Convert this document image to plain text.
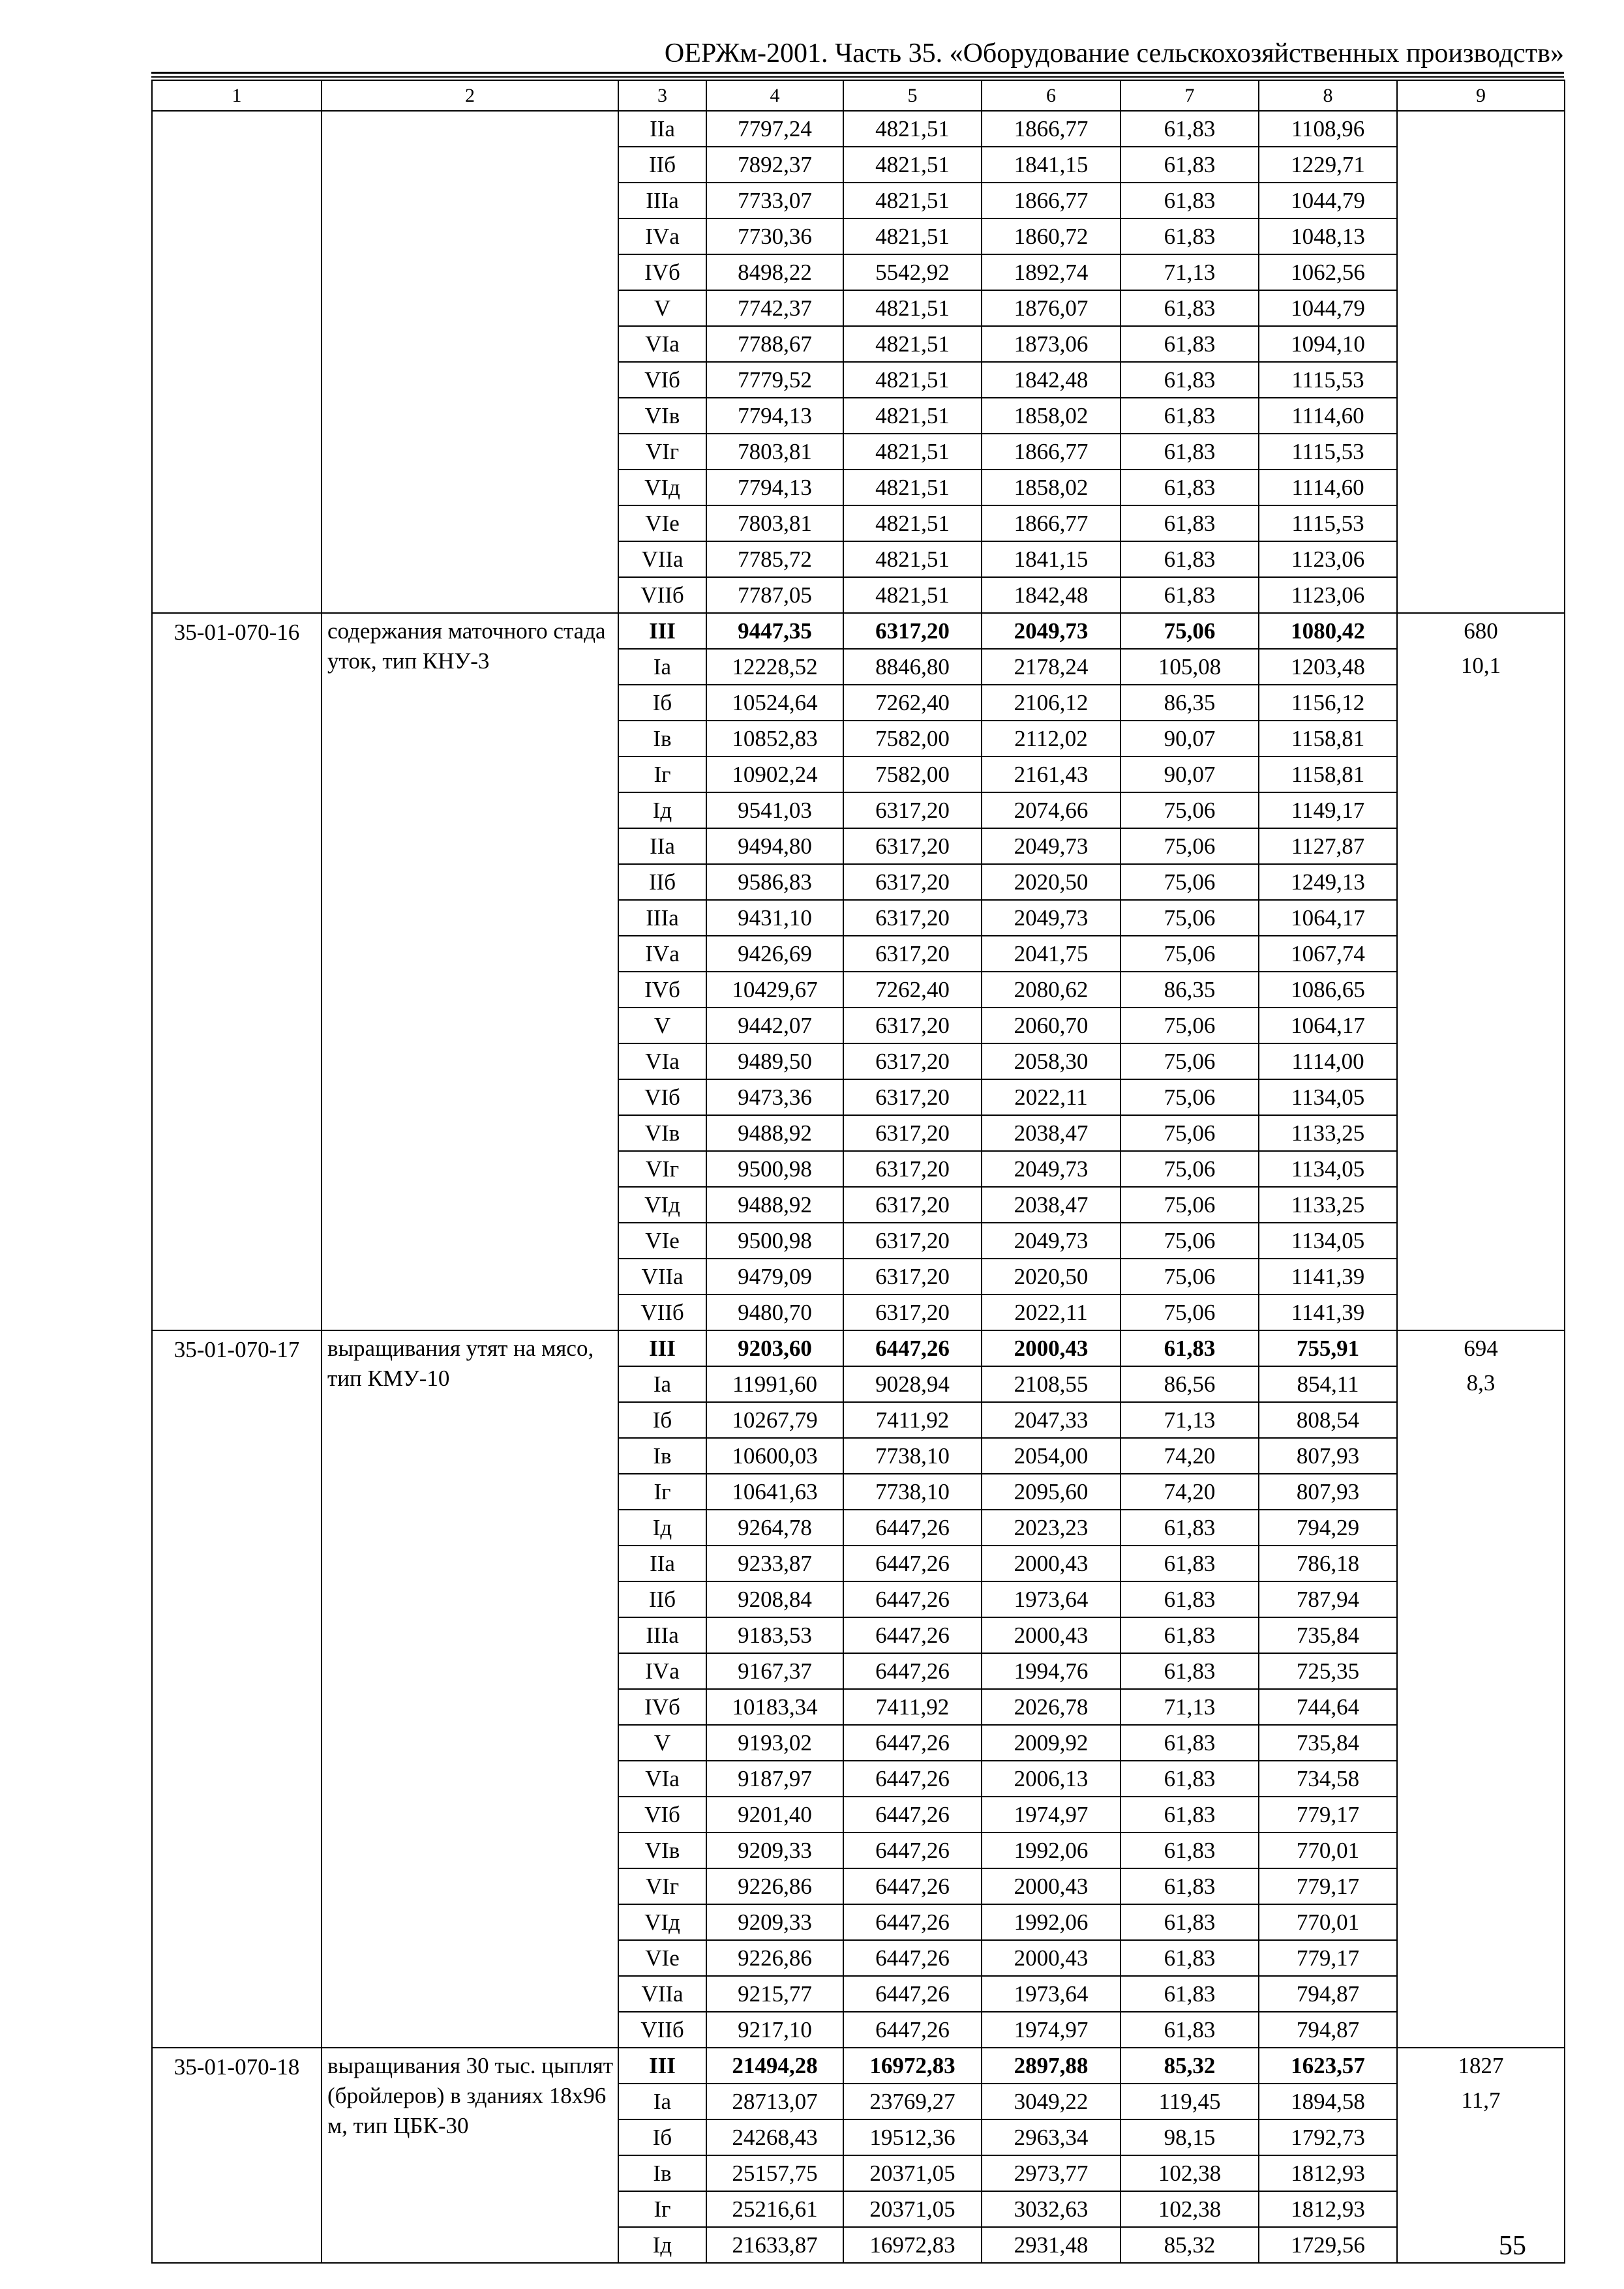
ОЕРЖм-2001. Часть 35. «Оборудование сельскохозяйственных производств»
1	2	3	4	5	6	7	8	9
		IIа	7797,24	4821,51	1866,77	61,83	1108,96	
		IIб	7892,37	4821,51	1841,15	61,83	1229,71	
		IIIа	7733,07	4821,51	1866,77	61,83	1044,79	
		IVа	7730,36	4821,51	1860,72	61,83	1048,13	
		IVб	8498,22	5542,92	1892,74	71,13	1062,56	
		V	7742,37	4821,51	1876,07	61,83	1044,79	
		VIа	7788,67	4821,51	1873,06	61,83	1094,10	
		VIб	7779,52	4821,51	1842,48	61,83	1115,53	
		VIв	7794,13	4821,51	1858,02	61,83	1114,60	
		VIг	7803,81	4821,51	1866,77	61,83	1115,53	
		VIд	7794,13	4821,51	1858,02	61,83	1114,60	
		VIе	7803,81	4821,51	1866,77	61,83	1115,53	
		VIIа	7785,72	4821,51	1841,15	61,83	1123,06	
		VIIб	7787,05	4821,51	1842,48	61,83	1123,06	
35-01-070-16	содержания маточного стада уток, тип КНУ-3	III	9447,35	6317,20	2049,73	75,06	1080,42	680
10,1

		Iа	12228,52	8846,80	2178,24	105,08	1203,48	
		Iб	10524,64	7262,40	2106,12	86,35	1156,12	
		Iв	10852,83	7582,00	2112,02	90,07	1158,81	
		Iг	10902,24	7582,00	2161,43	90,07	1158,81	
		Iд	9541,03	6317,20	2074,66	75,06	1149,17	
		IIа	9494,80	6317,20	2049,73	75,06	1127,87	
		IIб	9586,83	6317,20	2020,50	75,06	1249,13	
		IIIа	9431,10	6317,20	2049,73	75,06	1064,17	
		IVа	9426,69	6317,20	2041,75	75,06	1067,74	
		IVб	10429,67	7262,40	2080,62	86,35	1086,65	
		V	9442,07	6317,20	2060,70	75,06	1064,17	
		VIа	9489,50	6317,20	2058,30	75,06	1114,00	
		VIб	9473,36	6317,20	2022,11	75,06	1134,05	
		VIв	9488,92	6317,20	2038,47	75,06	1133,25	
		VIг	9500,98	6317,20	2049,73	75,06	1134,05	
		VIд	9488,92	6317,20	2038,47	75,06	1133,25	
		VIе	9500,98	6317,20	2049,73	75,06	1134,05	
		VIIа	9479,09	6317,20	2020,50	75,06	1141,39	
		VIIб	9480,70	6317,20	2022,11	75,06	1141,39	
35-01-070-17	выращивания утят на мясо, тип КМУ-10	III	9203,60	6447,26	2000,43	61,83	755,91	694
8,3

		Iа	11991,60	9028,94	2108,55	86,56	854,11	
		Iб	10267,79	7411,92	2047,33	71,13	808,54	
		Iв	10600,03	7738,10	2054,00	74,20	807,93	
		Iг	10641,63	7738,10	2095,60	74,20	807,93	
		Iд	9264,78	6447,26	2023,23	61,83	794,29	
		IIа	9233,87	6447,26	2000,43	61,83	786,18	
		IIб	9208,84	6447,26	1973,64	61,83	787,94	
		IIIа	9183,53	6447,26	2000,43	61,83	735,84	
		IVа	9167,37	6447,26	1994,76	61,83	725,35	
		IVб	10183,34	7411,92	2026,78	71,13	744,64	
		V	9193,02	6447,26	2009,92	61,83	735,84	
		VIа	9187,97	6447,26	2006,13	61,83	734,58	
		VIб	9201,40	6447,26	1974,97	61,83	779,17	
		VIв	9209,33	6447,26	1992,06	61,83	770,01	
		VIг	9226,86	6447,26	2000,43	61,83	779,17	
		VIд	9209,33	6447,26	1992,06	61,83	770,01	
		VIе	9226,86	6447,26	2000,43	61,83	779,17	
		VIIа	9215,77	6447,26	1973,64	61,83	794,87	
		VIIб	9217,10	6447,26	1974,97	61,83	794,87	
35-01-070-18	выращивания 30 тыс. цыплят (бройлеров) в зданиях 18х96 м, тип ЦБК-30	III	21494,28	16972,83	2897,88	85,32	1623,57	1827
11,7

		Iа	28713,07	23769,27	3049,22	119,45	1894,58	
		Iб	24268,43	19512,36	2963,34	98,15	1792,73	
		Iв	25157,75	20371,05	2973,77	102,38	1812,93	
		Iг	25216,61	20371,05	3032,63	102,38	1812,93	
		Iд	21633,87	16972,83	2931,48	85,32	1729,56		55
